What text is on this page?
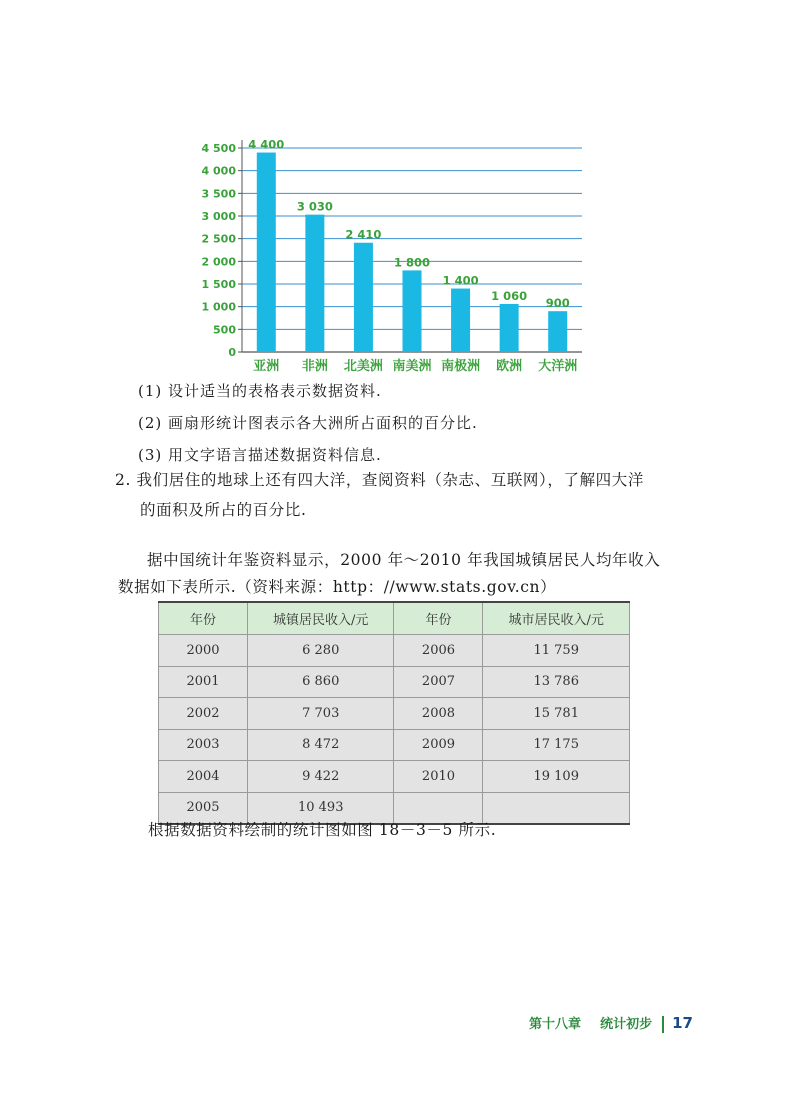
0
500
1 000
1 500
2 000
2 500
3 000
3 500
4 000
4 500 4 400
亚洲
3 030
非洲
2 410
北美洲
1 800
南美洲
1 400
南极洲
1 060
欧洲
900
大洋洲
(1) 设计适当的表格表示数据资料.
(2) 画扇形统计图表示各大洲所占面积的百分比.
(3) 用文字语言描述数据资料信息.
2. 我们居住的地球上还有四大洋，查阅资料（杂志、互联网），了解四大洋
的面积及所占的百分比.
据中国统计年鉴资料显示，2000 年～2010 年我国城镇居民人均年收入
数据如下表所示.（资料来源：http：//www.stats.gov.cn）
年份	城镇居民收入/元	年份	城市居民收入/元
2000	6 280	2006	11 759
2001	6 860	2007	13 786
2002	7 703	2008	15 781
2003	8 472	2009	17 175
2004	9 422	2010	19 109
2005	10 493		
根据数据资料绘制的统计图如图 18－3－5 所示.
第十八章 统计初步 17
